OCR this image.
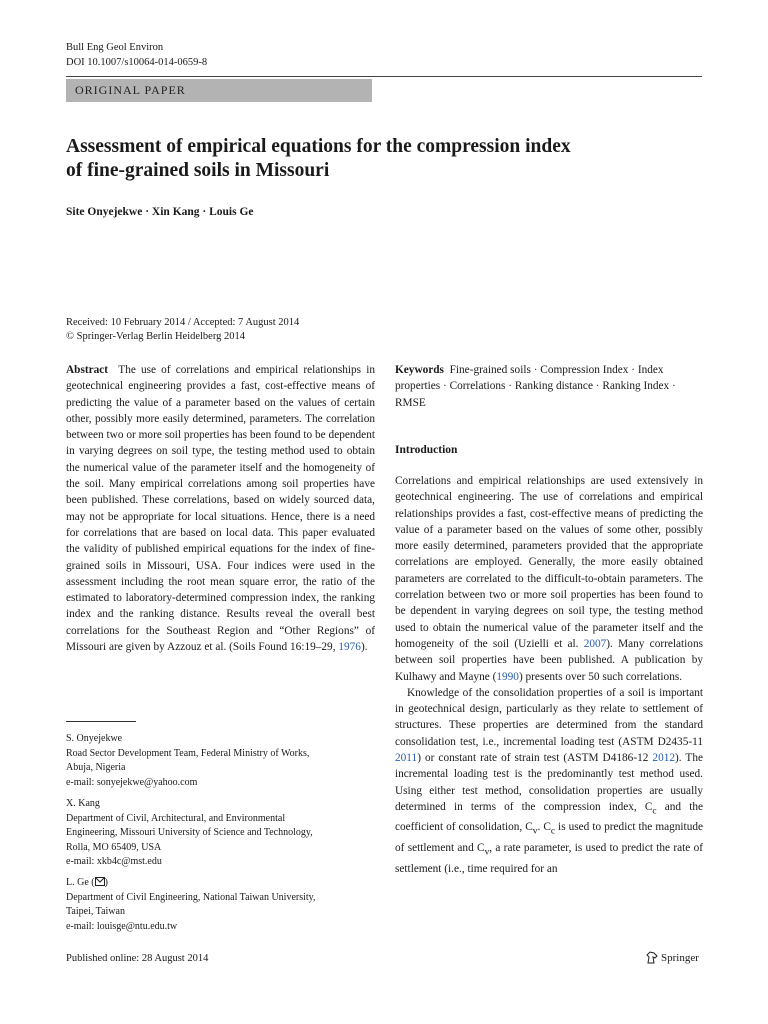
Bull Eng Geol Environ
DOI 10.1007/s10064-014-0659-8
ORIGINAL PAPER
Assessment of empirical equations for the compression index
of fine-grained soils in Missouri
Site Onyejekwe · Xin Kang · Louis Ge
Received: 10 February 2014 / Accepted: 7 August 2014
© Springer-Verlag Berlin Heidelberg 2014

Abstract The use of correlations and empirical relationships in geotechnical engineering provides a fast, cost-effective means of predicting the value of a parameter based on the values of certain other, possibly more easily determined, parameters. The correlation between two or more soil properties has been found to be dependent in varying degrees on soil type, the testing method used to obtain the numerical value of the parameter itself and the homogeneity of the soil. Many empirical correlations among soil properties have been published. These correlations, based on widely sourced data, may not be appropriate for local situations. Hence, there is a need for correlations that are based on local data. This paper evaluated the validity of published empirical equations for the index of fine-grained soils in Missouri, USA. Four indices were used in the assessment including the root mean square error, the ratio of the estimated to laboratory-determined compression index, the ranking index and the ranking distance. Results reveal the overall best correlations for the Southeast Region and “Other Regions” of Missouri are given by Azzouz et al. (Soils Found 16:19–29, 1976).

Keywords Fine-grained soils · Compression Index · Index properties · Correlations · Ranking distance · Ranking Index · RMSE

Introduction

Correlations and empirical relationships are used extensively in geotechnical engineering. The use of correlations and empirical relationships provides a fast, cost-effective means of predicting the value of a parameter based on the values of some other, possibly more easily determined, parameters provided that the appropriate correlations are employed. Generally, the more easily obtained parameters are correlated to the difficult-to-obtain parameters. The correlation between two or more soil properties has been found to be dependent in varying degrees on soil type, the testing method used to obtain the numerical value of the parameter itself and the homogeneity of the soil (Uzielli et al. 2007). Many correlations between soil properties have been published. A publication by Kulhawy and Mayne (1990) presents over 50 such correlations.

Knowledge of the consolidation properties of a soil is important in geotechnical design, particularly as they relate to settlement of structures. These properties are determined from the standard consolidation test, i.e., incremental loading test (ASTM D2435-11 2011) or constant rate of strain test (ASTM D4186-12 2012). The incremental loading test is the predominantly test method used. Using either test method, consolidation properties are usually determined in terms of the compression index, $C_c$ and the coefficient of consolidation, $C_v$. $C_c$ is used to predict the magnitude of settlement and $C_v$, a rate parameter, is used to predict the rate of settlement (i.e., time required for an

S. Onyejekwe
Road Sector Development Team, Federal Ministry of Works,
Abuja, Nigeria
e-mail: sonyejekwe@yahoo.com
X. Kang
Department of Civil, Architectural, and Environmental
Engineering, Missouri University of Science and Technology,
Rolla, MO 65409, USA
e-mail: xkb4c@mst.edu
L. Ge ( )
Department of Civil Engineering, National Taiwan University,
Taipei, Taiwan
e-mail: louisge@ntu.edu.tw
Published online: 28 August 2014	Springer
